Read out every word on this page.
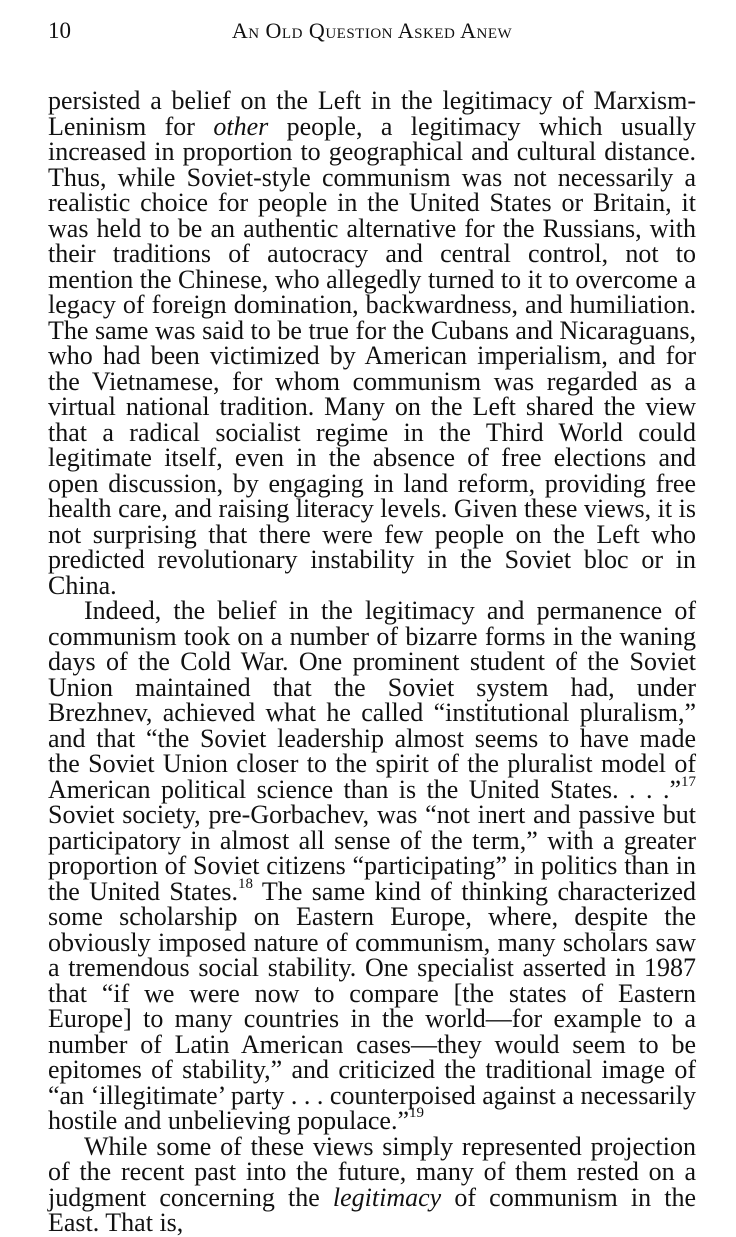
10	An Old Question Asked Anew

persisted a belief on the Left in the legitimacy of Marxism-Leninism for other people, a legitimacy which usually increased in proportion to geographical and cultural distance. Thus, while Soviet-style communism was not necessarily a realistic choice for people in the United States or Britain, it was held to be an authentic alternative for the Russians, with their traditions of autocracy and central control, not to mention the Chinese, who allegedly turned to it to overcome a legacy of foreign domination, backwardness, and humiliation. The same was said to be true for the Cubans and Nicaraguans, who had been victimized by American imperialism, and for the Vietnamese, for whom communism was regarded as a virtual national tradition. Many on the Left shared the view that a radical socialist regime in the Third World could legitimate itself, even in the absence of free elections and open discussion, by engaging in land reform, providing free health care, and raising literacy levels. Given these views, it is not surprising that there were few people on the Left who predicted revolutionary instability in the Soviet bloc or in China.

Indeed, the belief in the legitimacy and permanence of communism took on a number of bizarre forms in the waning days of the Cold War. One prominent student of the Soviet Union maintained that the Soviet system had, under Brezhnev, achieved what he called “institutional pluralism,” and that “the Soviet leadership almost seems to have made the Soviet Union closer to the spirit of the pluralist model of American political science than is the United States. . . .”$^{17}$ Soviet society, pre-Gorbachev, was “not inert and passive but participatory in almost all sense of the term,” with a greater proportion of Soviet citizens “participating” in politics than in the United States.$^{18}$ The same kind of thinking characterized some scholarship on Eastern Europe, where, despite the obviously imposed nature of communism, many scholars saw a tremendous social stability. One specialist asserted in 1987 that “if we were now to compare [the states of Eastern Europe] to many countries in the world—for example to a number of Latin American cases—they would seem to be epitomes of stability,” and criticized the traditional image of “an ‘illegitimate’ party . . . counterpoised against a necessarily hostile and unbelieving populace.”$^{19}$

While some of these views simply represented projection of the recent past into the future, many of them rested on a judgment concerning the legitimacy of communism in the East. That is,
